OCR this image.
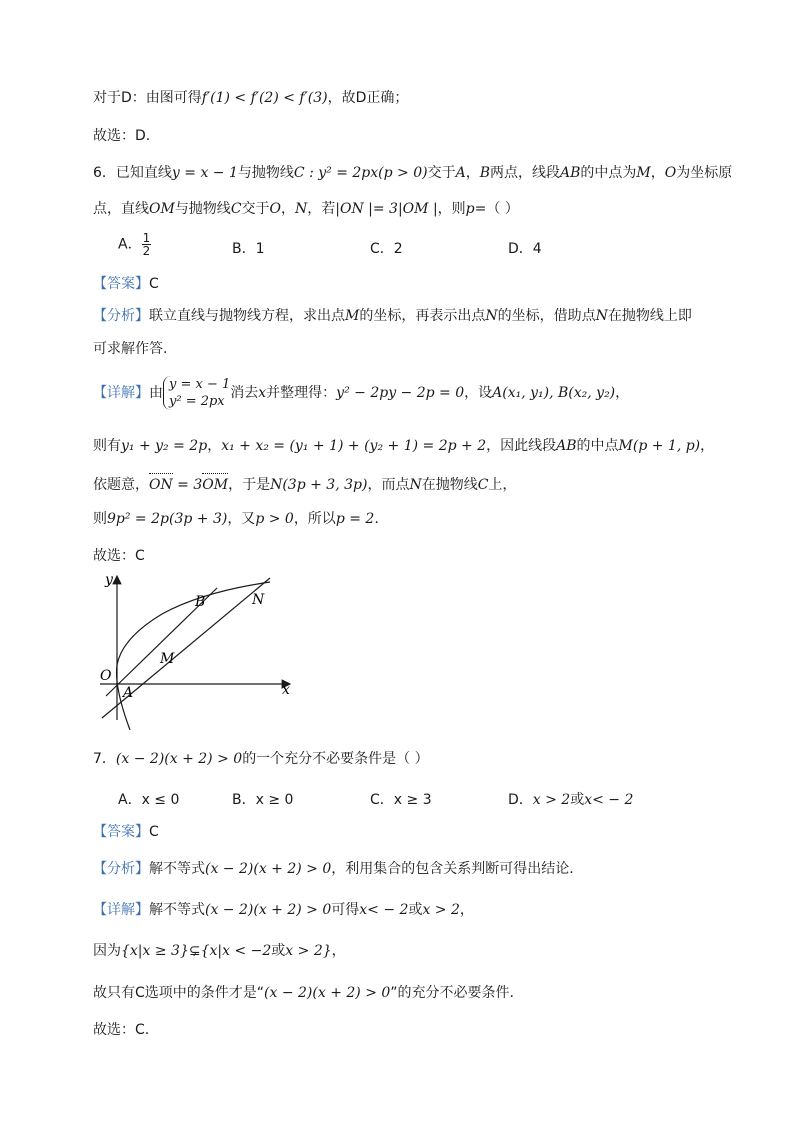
对于D：由图可得f′(1) < f′(2) < f′(3)，故D正确；
故选：D.
6．已知直线y = x − 1与抛物线C : y² = 2px(p > 0)交于A，B两点，线段AB的中点为M，O为坐标原
点，直线OM与抛物线C交于O，N，若|ON |= 3|OM |，则p=（ ）
A． $\frac{1}{2}$	B．1	C．2	D．4
【答案】C
【分析】联立直线与抛物线方程，求出点M的坐标，再表示出点N的坐标，借助点N在抛物线上即
可求解作答.
【详解】由
y = x − 1
y² = 2px
消去x并整理得：y² − 2py − 2p = 0，设A(x₁, y₁), B(x₂, y₂)，
则有y₁ + y₂ = 2p，x₁ + x₂ = (y₁ + 1) + (y₂ + 1) = 2p + 2，因此线段AB的中点M(p + 1, p)，
依题意，ON = 3OM，于是N(3p + 3, 3p)，而点N在抛物线C上，
则9p² = 2p(3p + 3)，又p > 0，所以p = 2.
故选：C
y
x
O
A
B
M
N
7．(x − 2)(x + 2) > 0的一个充分不必要条件是（ ）
A．x ≤ 0	B．x ≥ 0	C．x ≥ 3	D．x > 2或x< − 2
【答案】C
【分析】解不等式(x − 2)(x + 2) > 0，利用集合的包含关系判断可得出结论.
【详解】解不等式(x − 2)(x + 2) > 0可得x< − 2或x > 2，
因为{x|x ≥ 3}⊊{x|x < −2或x > 2}，
故只有C选项中的条件才是“(x − 2)(x + 2) > 0”的充分不必要条件.
故选：C.
